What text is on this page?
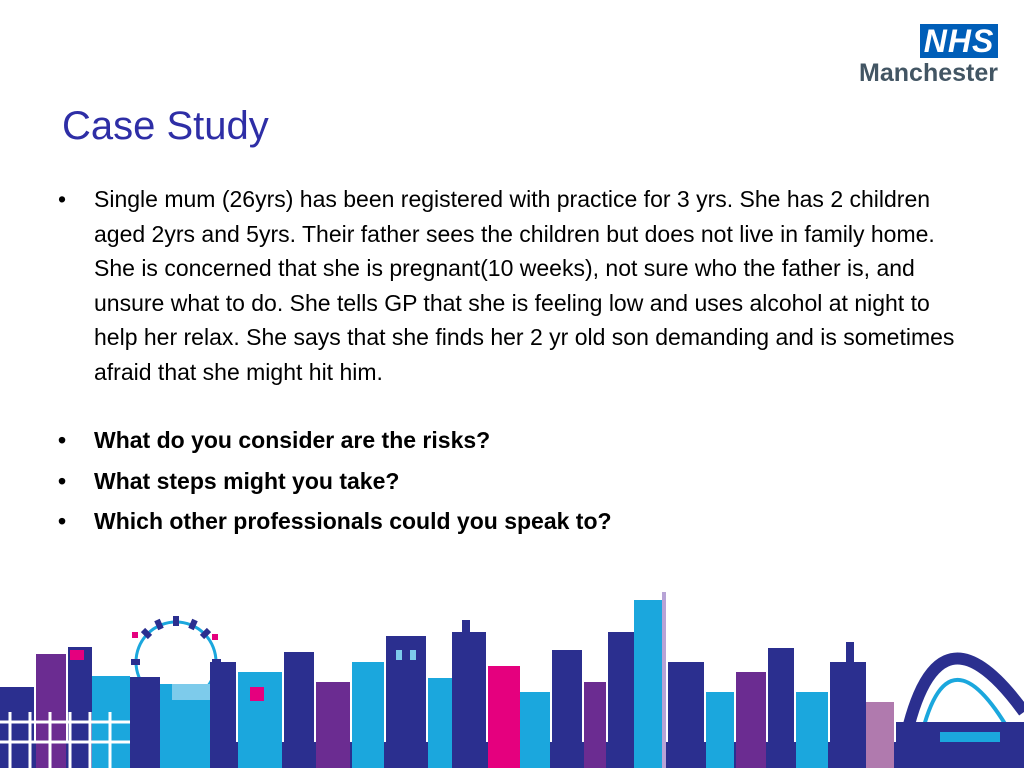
NHS
Manchester
Case Study
• Single mum (26yrs) has been registered with practice for 3 yrs. She has 2 children aged 2yrs and 5yrs. Their father sees the children but does not live in family home. She is concerned that she is pregnant(10 weeks), not sure who the father is, and unsure what to do. She tells GP that she is feeling low and uses alcohol at night to help her relax. She says that she finds her 2 yr old son demanding and is sometimes afraid that she might hit him.
• What do you consider are the risks?
• What steps might you take?
• Which other professionals could you speak to?
